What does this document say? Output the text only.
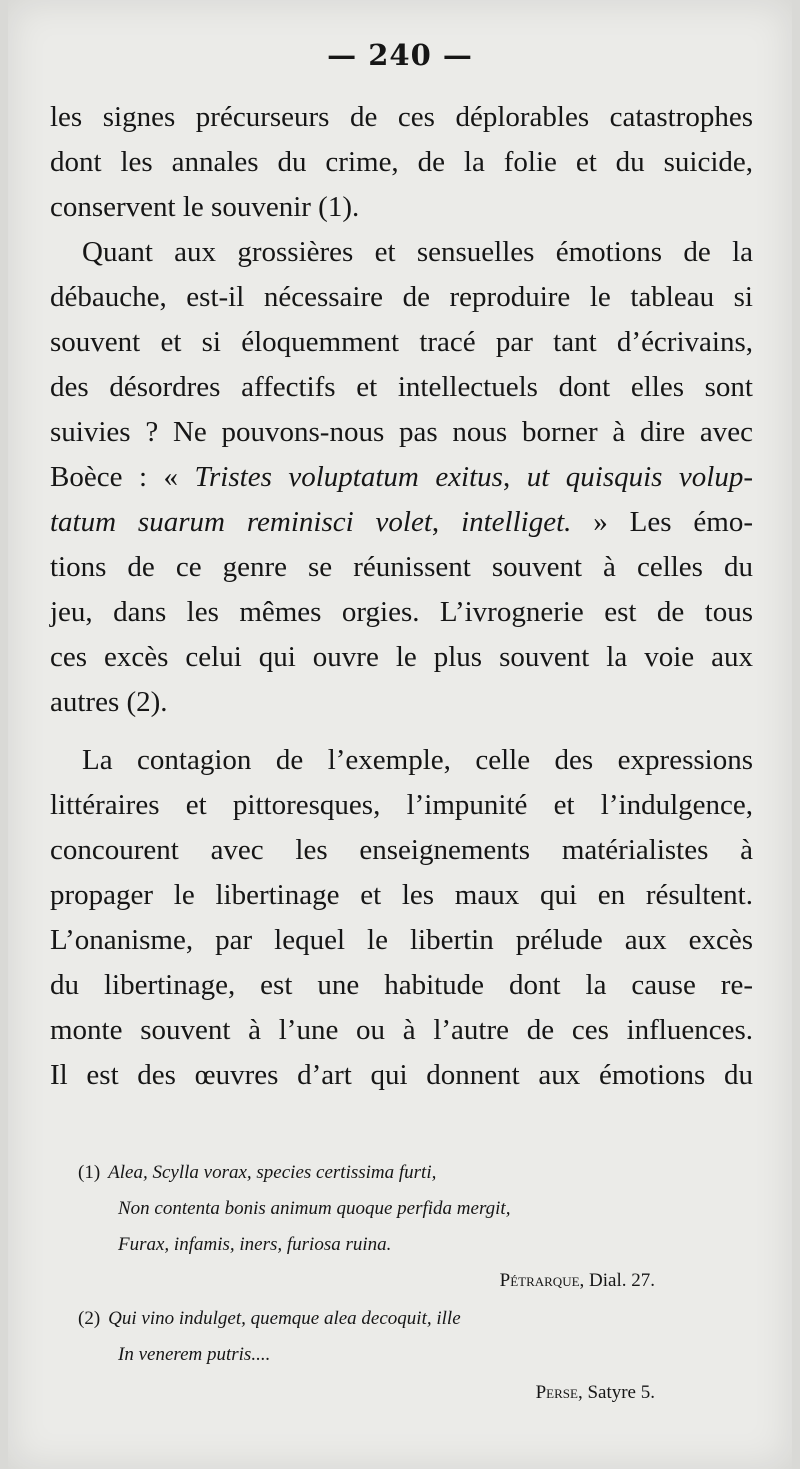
— 240 —
les signes précurseurs de ces déplorables catastrophes
dont les annales du crime, de la folie et du suicide,
conservent le souvenir (1).
Quant aux grossières et sensuelles émotions de la
débauche, est-il nécessaire de reproduire le tableau si
souvent et si éloquemment tracé par tant d’écrivains,
des désordres affectifs et intellectuels dont elles sont
suivies ? Ne pouvons-nous pas nous borner à dire avec
Boèce : « Tristes voluptatum exitus, ut quisquis volup-
tatum suarum reminisci volet, intelliget. » Les émo-
tions de ce genre se réunissent souvent à celles du
jeu, dans les mêmes orgies. L’ivrognerie est de tous
ces excès celui qui ouvre le plus souvent la voie aux
autres (2).
La contagion de l’exemple, celle des expressions
littéraires et pittoresques, l’impunité et l’indulgence,
concourent avec les enseignements matérialistes à
propager le libertinage et les maux qui en résultent.
L’onanisme, par lequel le libertin prélude aux excès
du libertinage, est une habitude dont la cause re-
monte souvent à l’une ou à l’autre de ces influences.
Il est des œuvres d’art qui donnent aux émotions du
(1) Alea, Scylla vorax, species certissima furti,
Non contenta bonis animum quoque perfida mergit,
Furax, infamis, iners, furiosa ruina.
Pétrarque, Dial. 27.
(2) Qui vino indulget, quemque alea decoquit, ille
In venerem putris....
Perse, Satyre 5.
